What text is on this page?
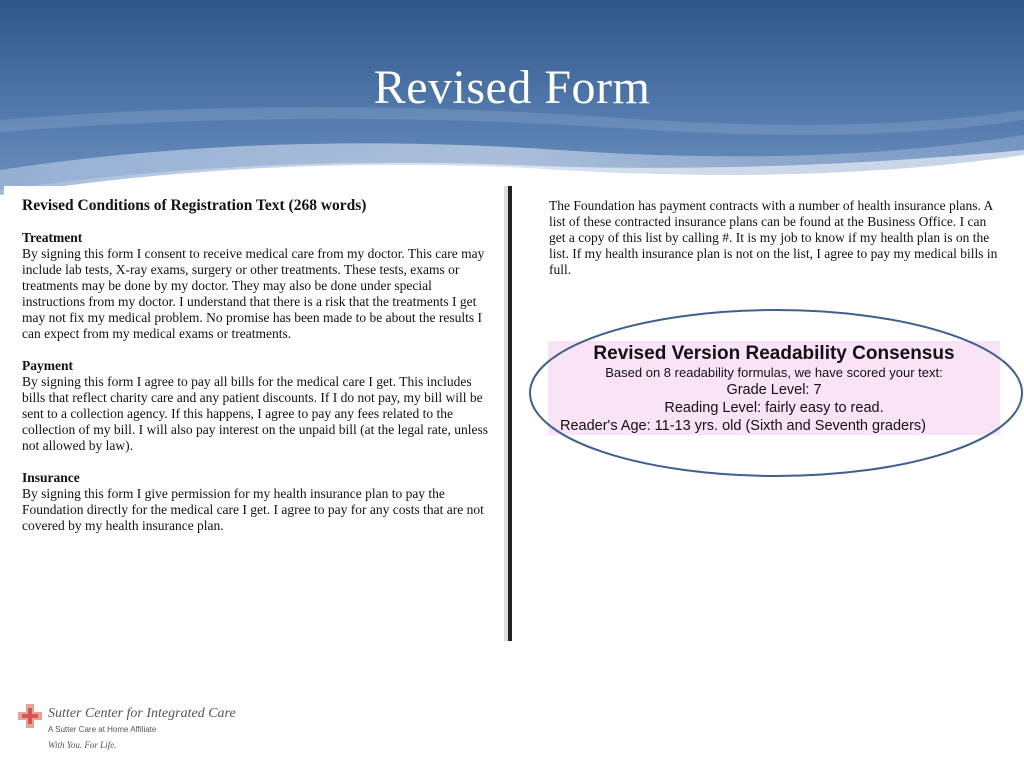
Revised Form

Revised Conditions of Registration Text (268 words)

Treatment

By signing this form I consent to receive medical care from my doctor. This care may include lab tests, X-ray exams, surgery or other treatments. These tests, exams or treatments may be done by my doctor. They may also be done under special instructions from my doctor. I understand that there is a risk that the treatments I get may not fix my medical problem. No promise has been made to be about the results I can expect from my medical exams or treatments.

Payment

By signing this form I agree to pay all bills for the medical care I get. This includes bills that reflect charity care and any patient discounts. If I do not pay, my bill will be sent to a collection agency. If this happens, I agree to pay any fees related to the collection of my bill. I will also pay interest on the unpaid bill (at the legal rate, unless not allowed by law).

Insurance

By signing this form I give permission for my health insurance plan to pay the Foundation directly for the medical care I get. I agree to pay for any costs that are not covered by my health insurance plan.

The Foundation has payment contracts with a number of health insurance plans. A list of these contracted insurance plans can be found at the Business Office. I can get a copy of this list by calling #. It is my job to know if my health plan is on the list. If my health insurance plan is not on the list, I agree to pay my medical bills in full.

Revised Version Readability Consensus
Based on 8 readability formulas, we have scored your text:
Grade Level: 7
Reading Level: fairly easy to read.
Reader's Age: 11-13 yrs. old (Sixth and Seventh graders)
Sutter Center for Integrated Care
A Sutter Care at Home Affiliate
With You. For Life.
